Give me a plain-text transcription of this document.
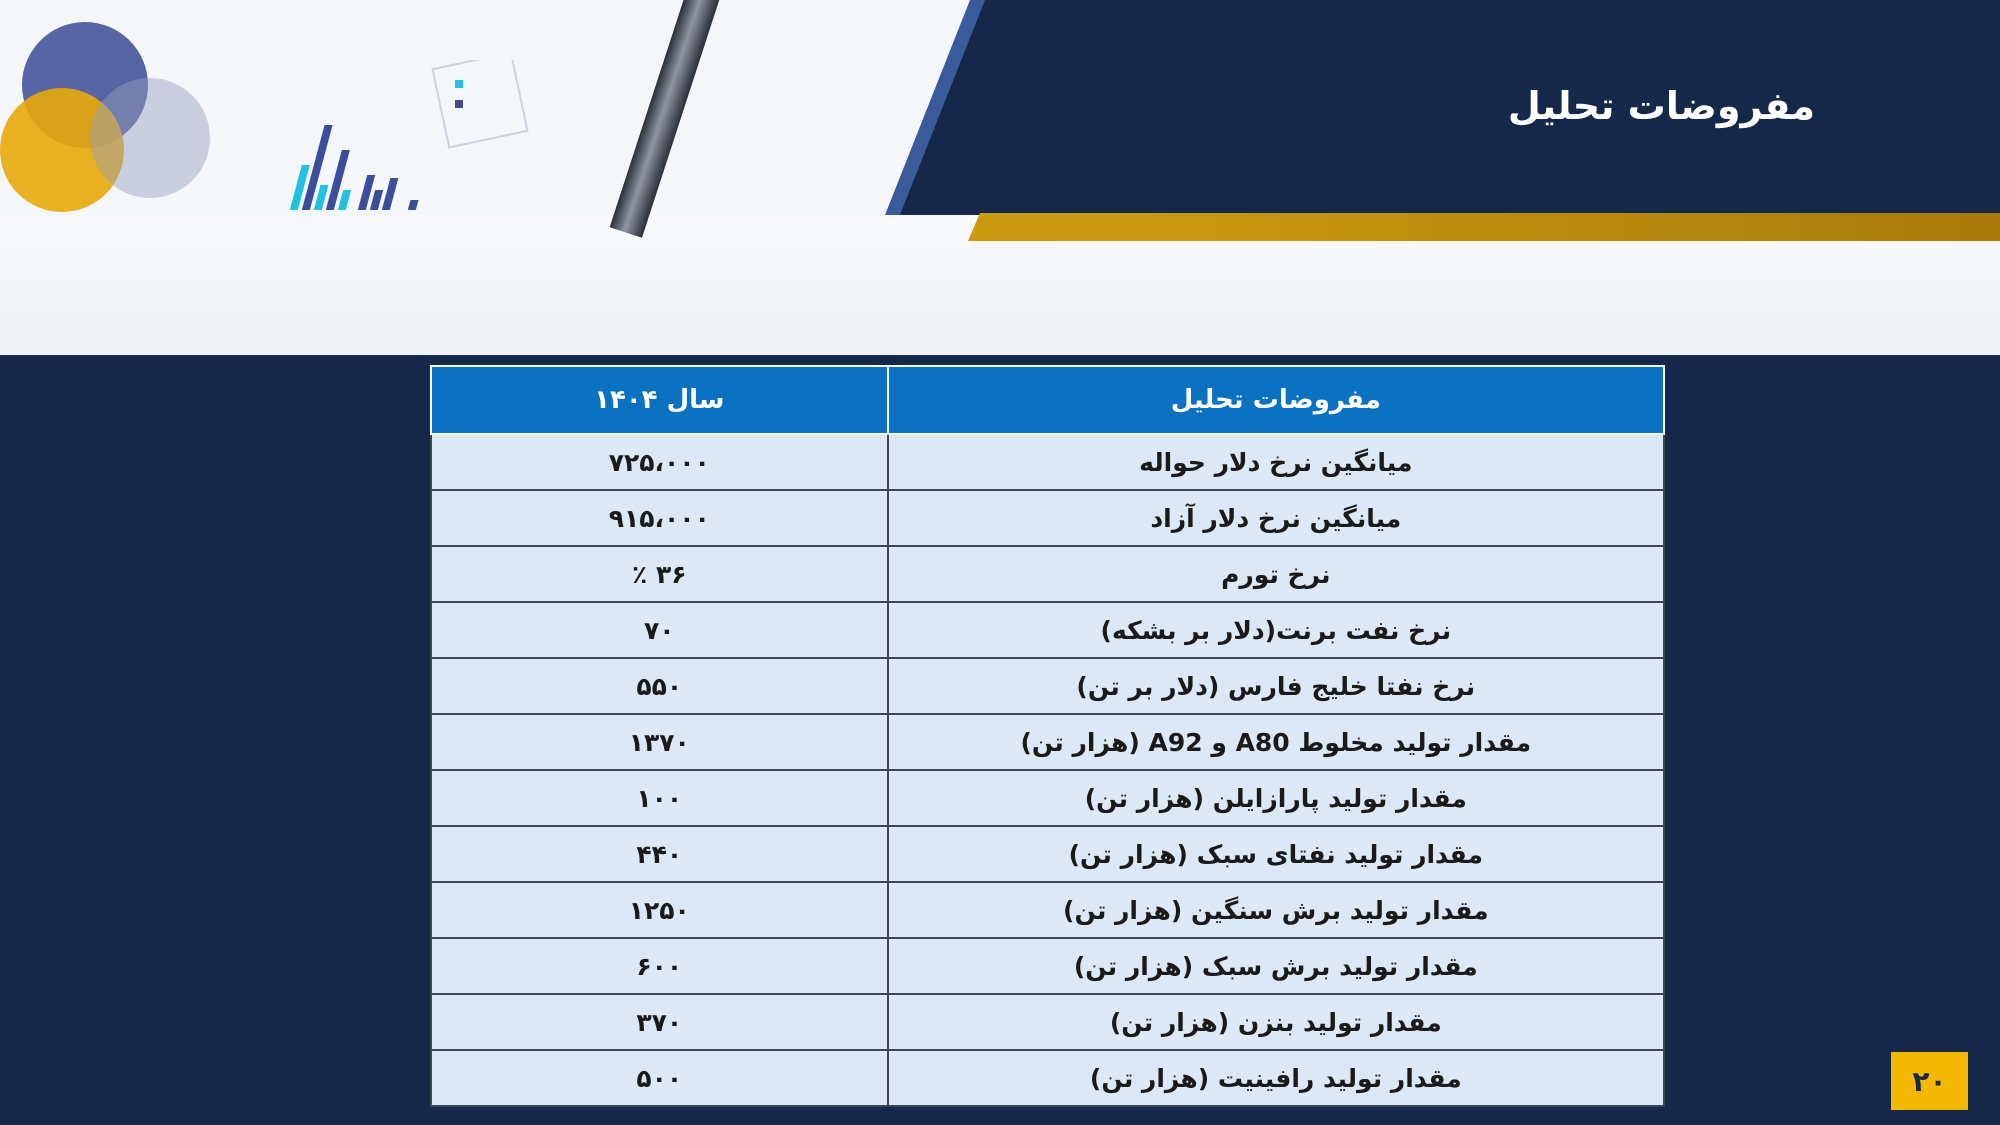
مفروضات تحلیل
مفروضات تحلیل	سال ۱۴۰۴
میانگین نرخ دلار حواله	۷۲۵،۰۰۰
میانگین نرخ دلار آزاد	۹۱۵،۰۰۰
نرخ تورم	۳۶ ٪
نرخ نفت برنت(دلار بر بشکه)	۷۰
نرخ نفتا خلیج فارس (دلار بر تن)	۵۵۰
مقدار تولید مخلوط A80 و A92 (هزار تن)	۱۳۷۰
مقدار تولید پارازایلن (هزار تن)	۱۰۰
مقدار تولید نفتای سبک (هزار تن)	۴۴۰
مقدار تولید برش سنگین (هزار تن)	۱۲۵۰
مقدار تولید برش سبک (هزار تن)	۶۰۰
مقدار تولید بنزن (هزار تن)	۳۷۰
مقدار تولید رافینیت (هزار تن)	۵۰۰	۲۰
